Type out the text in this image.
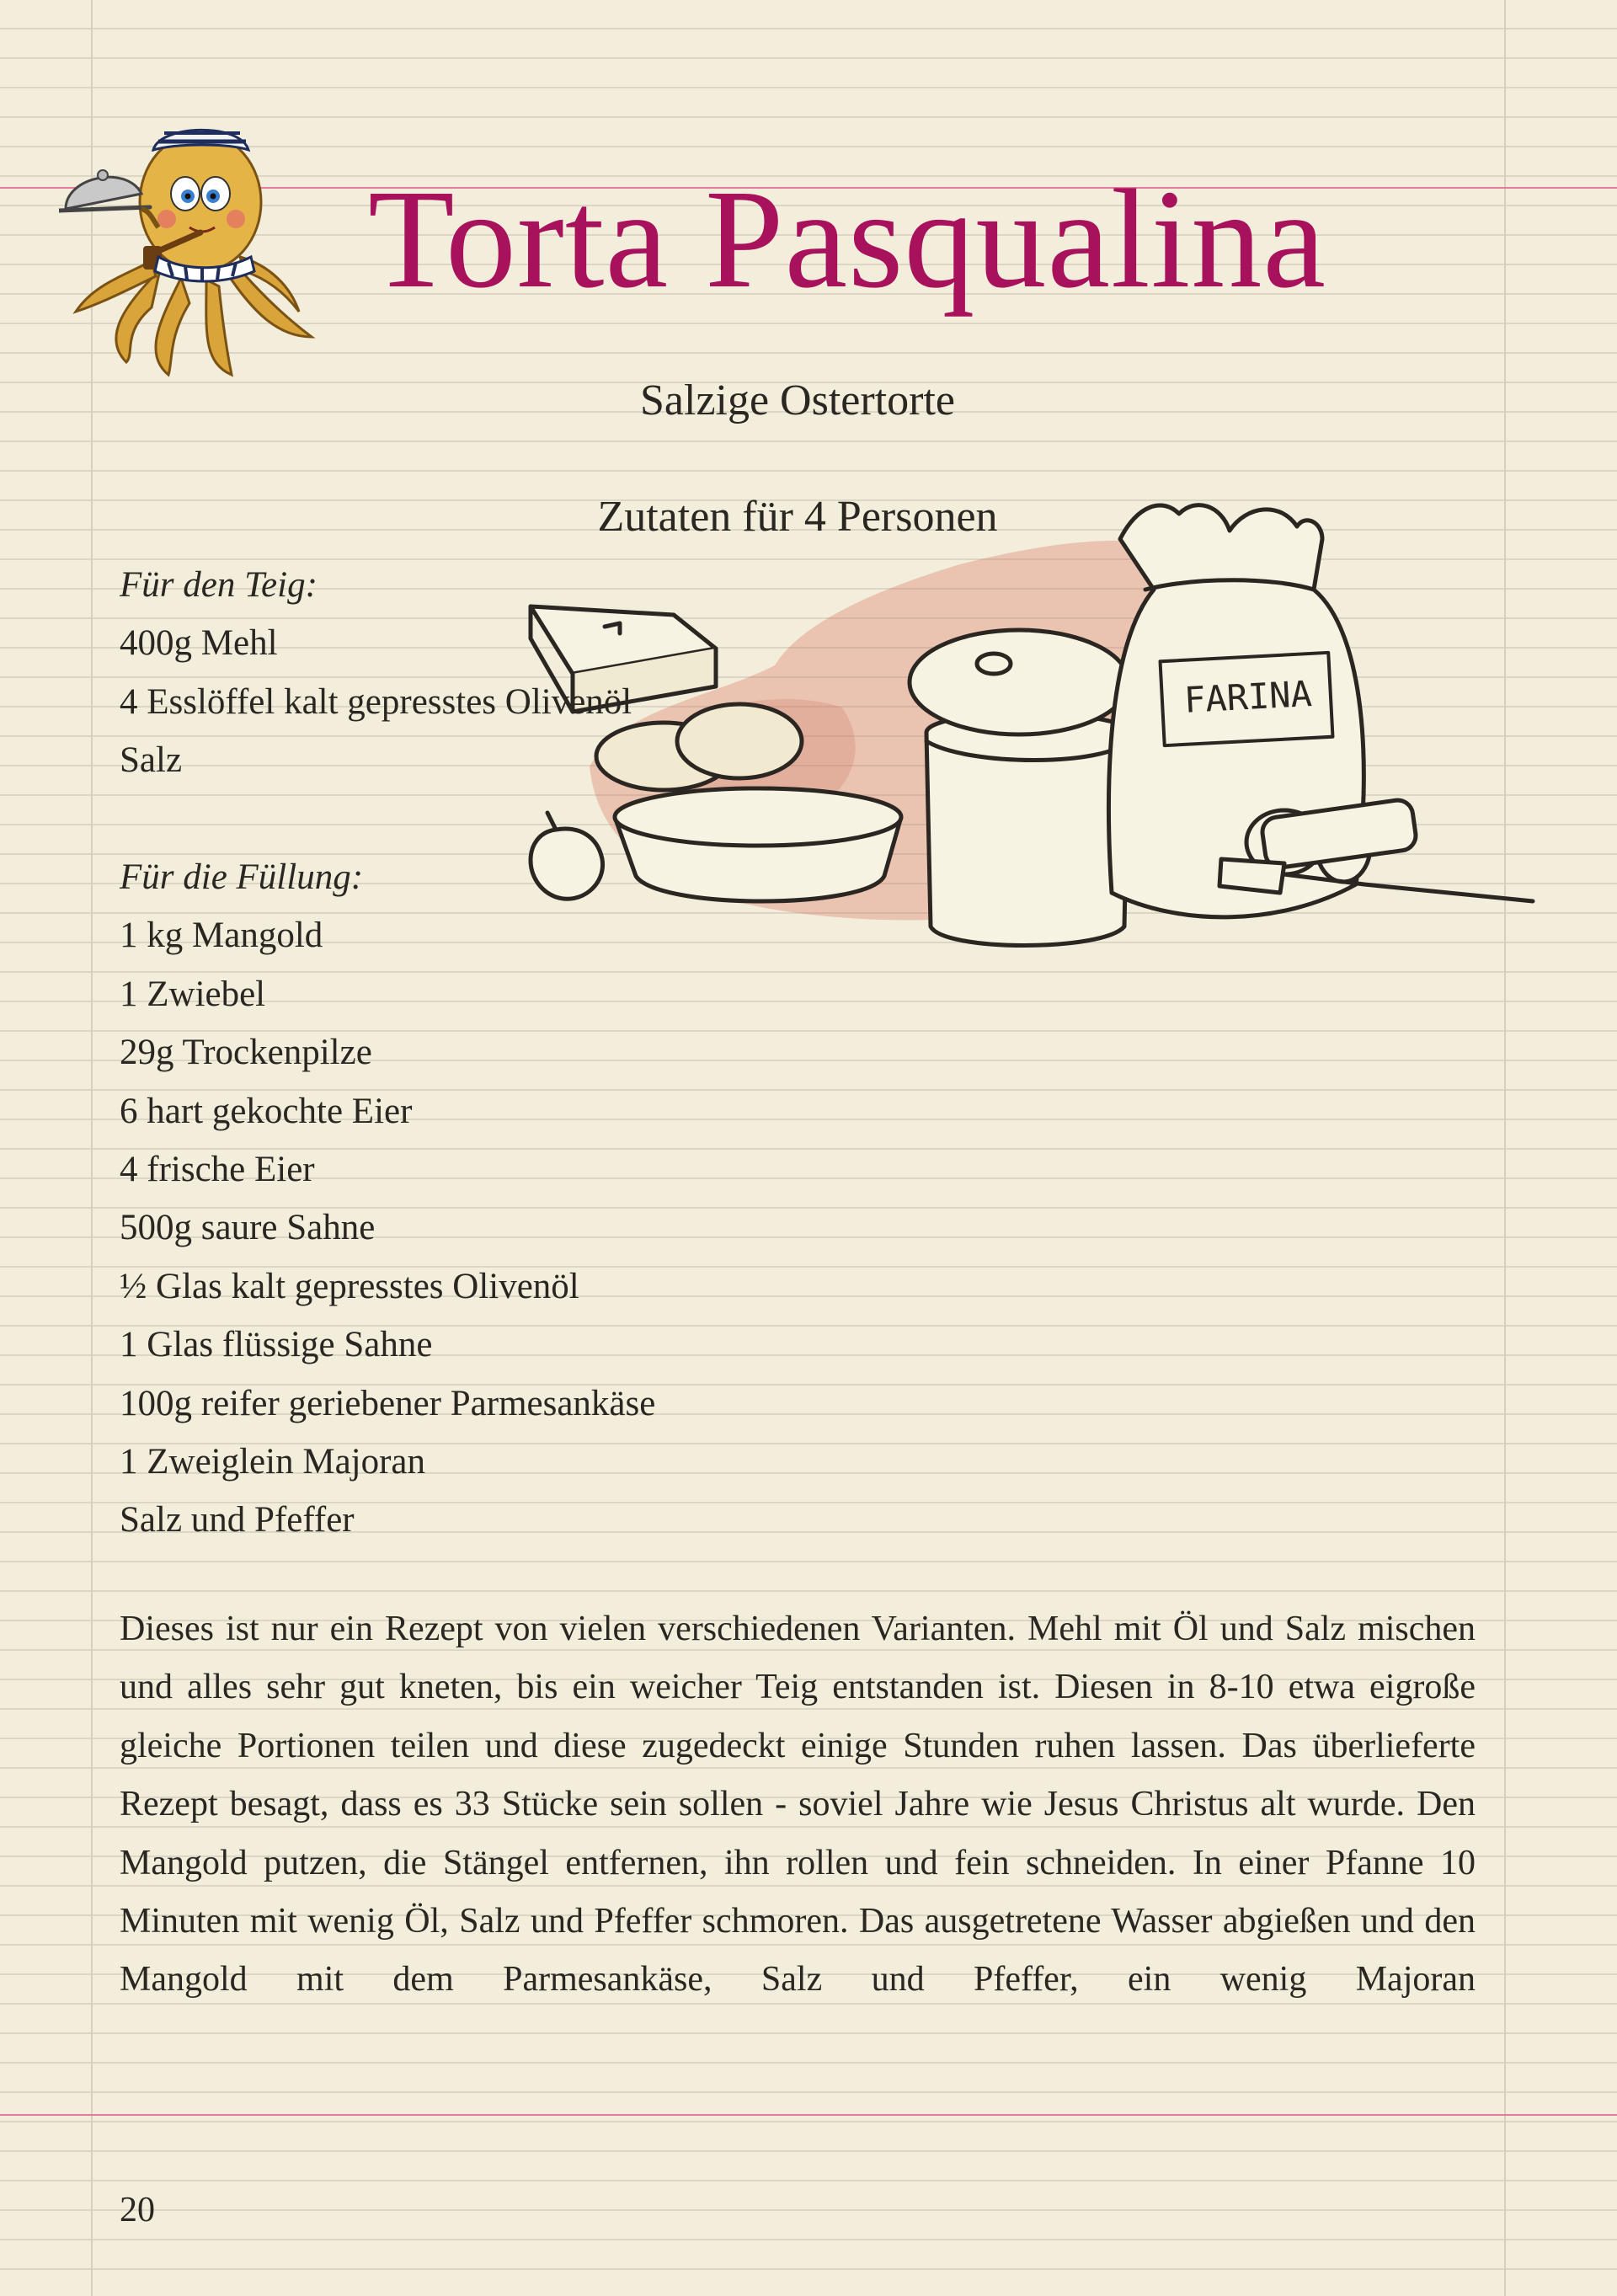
Torta Pasqualina
Salzige Ostertorte
Zutaten für 4 Personen
FARINA
Für den Teig:
400g Mehl
4 Esslöffel kalt gepresstes Olivenöl
Salz
Für die Füllung:
1 kg Mangold
1 Zwiebel
29g Trockenpilze
6 hart gekochte Eier
4 frische Eier
500g saure Sahne
½ Glas kalt gepresstes Olivenöl
1 Glas flüssige Sahne
100g reifer geriebener Parmesankäse
1 Zweiglein Majoran
Salz und Pfeffer
Dieses ist nur ein Rezept von vielen verschiedenen Varianten. Mehl mit Öl und Salz mischen und alles sehr gut kneten, bis ein weicher Teig entstanden ist. Diesen in 8-10 etwa eigroße gleiche Portionen teilen und diese zugedeckt einige Stunden ruhen lassen. Das überlieferte Rezept besagt, dass es 33 Stücke sein sollen - soviel Jahre wie Jesus Christus alt wurde. Den Mangold putzen, die Stängel entfernen, ihn rollen und fein schneiden. In einer Pfanne 10 Minuten mit wenig Öl, Salz und Pfeffer schmoren. Das ausgetretene Wasser abgießen und den Mangold mit dem Parmesankäse, Salz und Pfeffer, ein wenig Majoran
20
